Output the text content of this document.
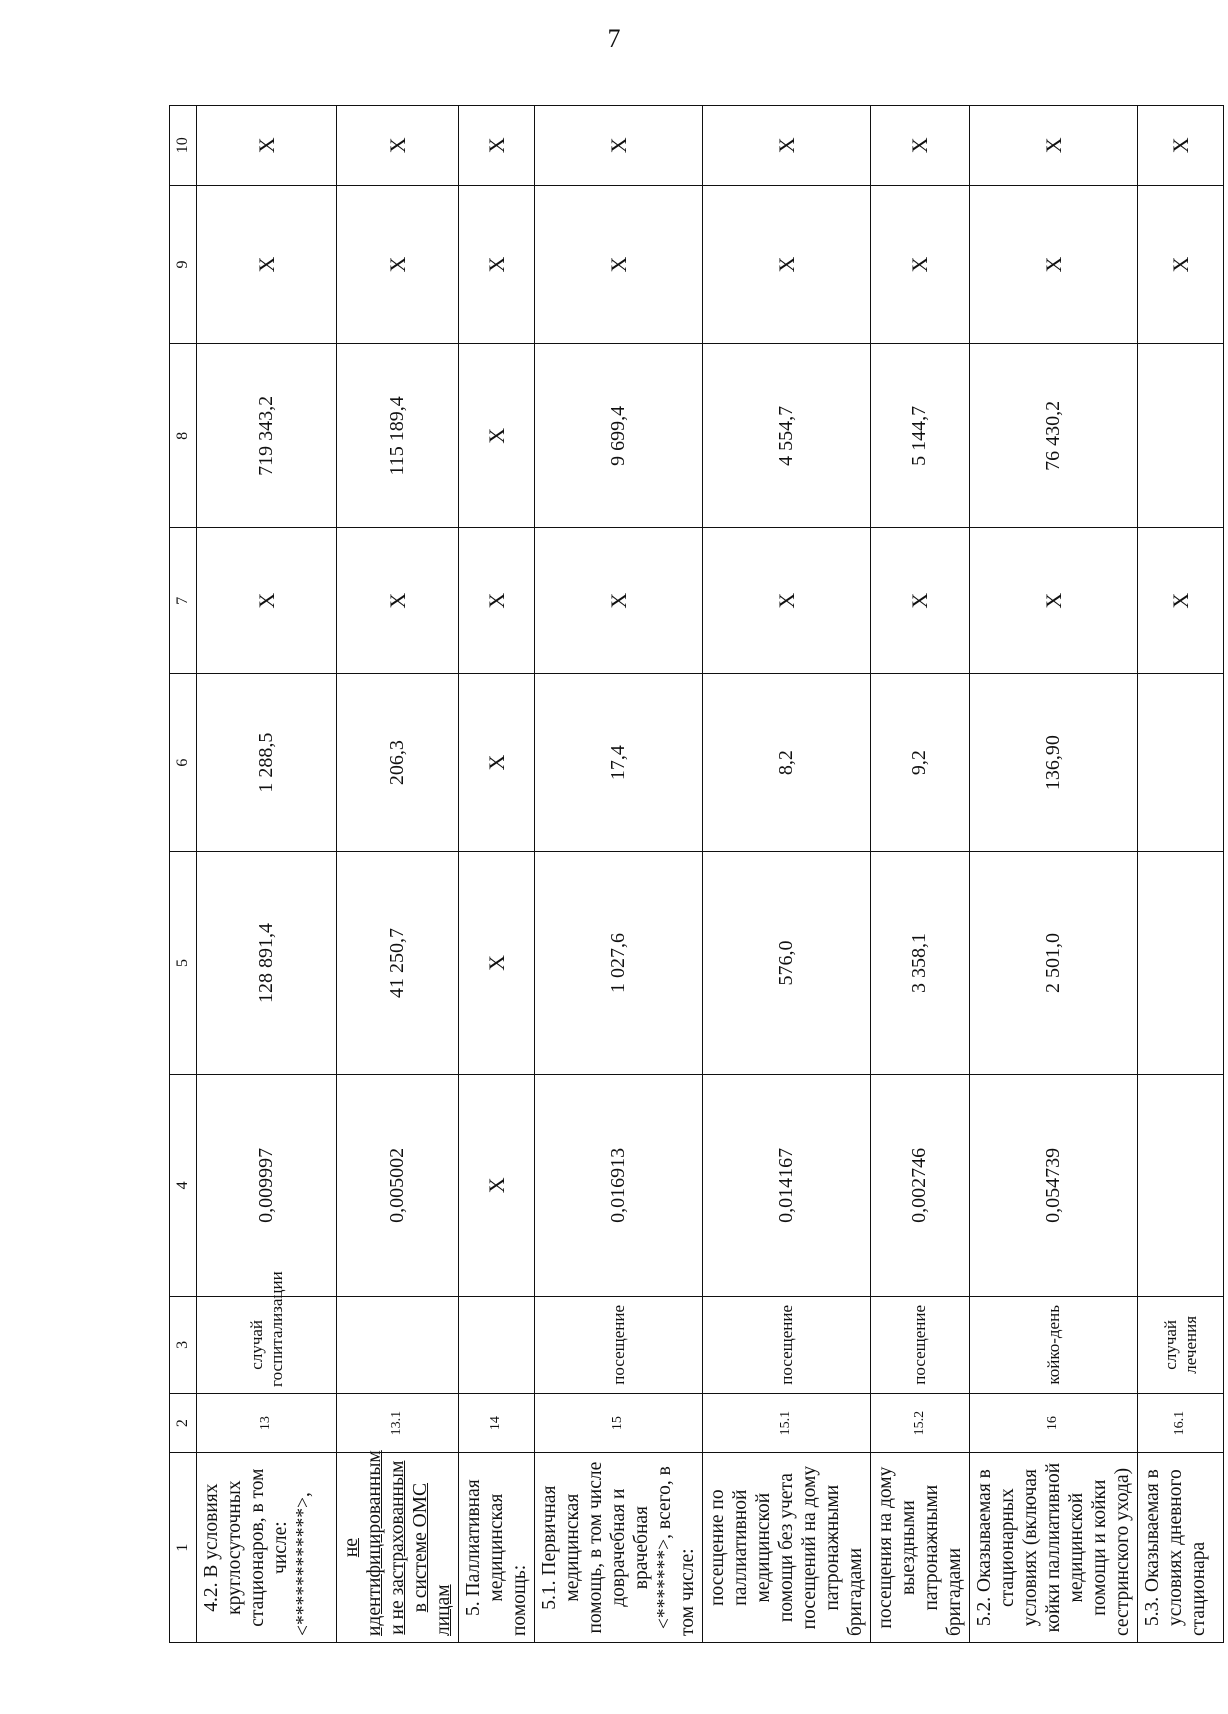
7
1	2	3	4	5	6	7	8	9	10
4.2. В условиях круглосуточных стационаров, в том числе: <************>,	13	случай госпитализации	0,009997	128 891,4	1 288,5	X	719 343,2	X	X
не идентифицированным и не застрахованным в системе ОМС лицам	13.1		0,005002	41 250,7	206,3	X	115 189,4	X	X
5. Паллиативная медицинская помощь:	14		X	X	X	X	X	X	X
5.1. Первичная медицинская помощь, в том числе доврачебная и врачебная <*******>, всего, в том числе:	15	посещение	0,016913	1 027,6	17,4	X	9 699,4	X	X
посещение по паллиативной медицинской помощи без учета посещений на дому патронажными бригадами	15.1	посещение	0,014167	576,0	8,2	X	4 554,7	X	X
посещения на дому выездными патронажными бригадами	15.2	посещение	0,002746	3 358,1	9,2	X	5 144,7	X	X
5.2. Оказываемая в стационарных условиях (включая койки паллиативной медицинской помощи и койки сестринского ухода)	16	койко-день	0,054739	2 501,0	136,90	X	76 430,2	X	X
5.3. Оказываемая в условиях дневного стационара	16.1	случай лечения				X		X	X
